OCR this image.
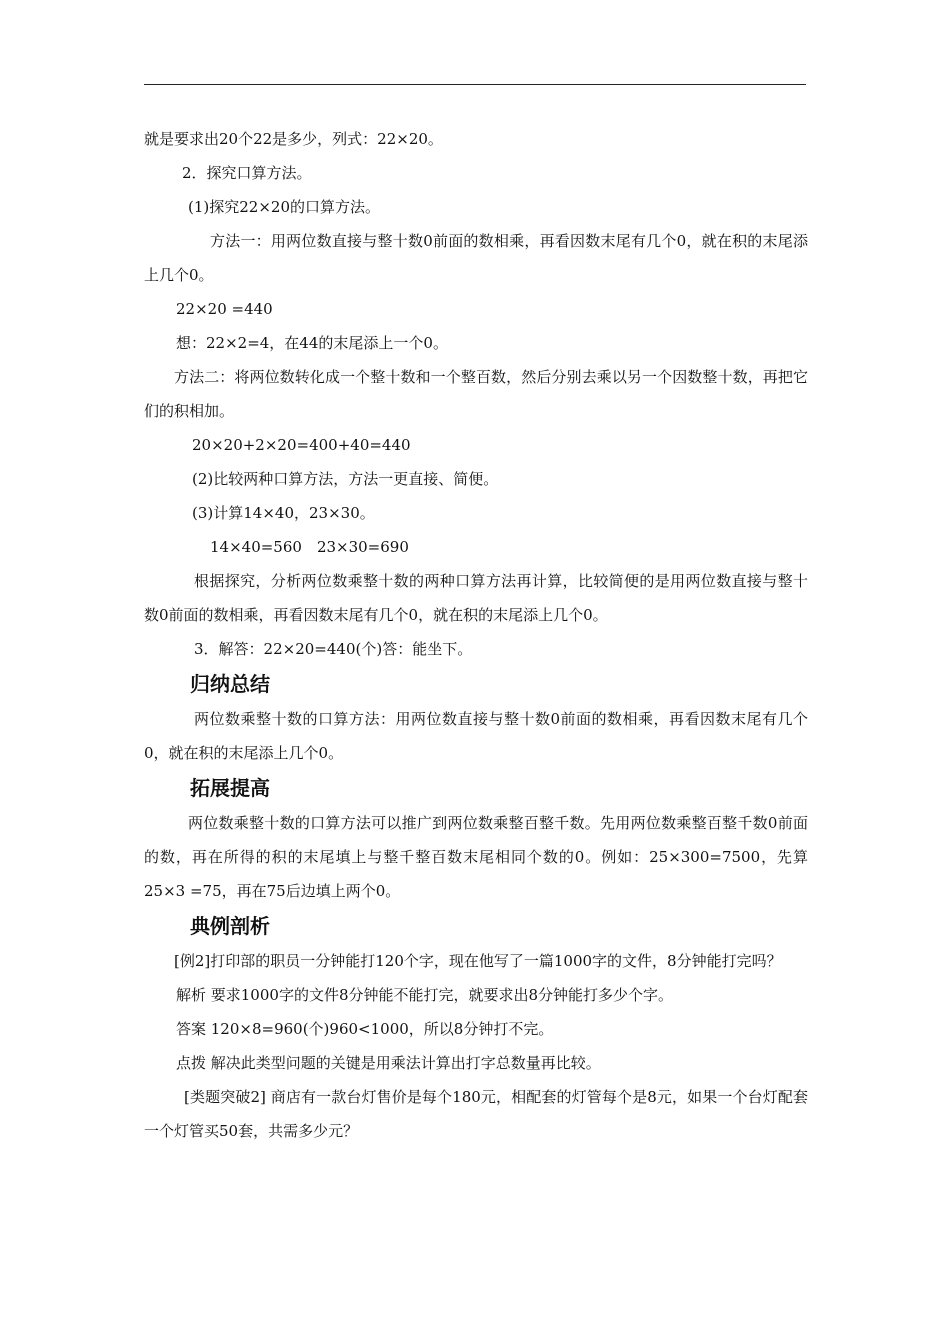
就是要求出20个22是多少，列式：22×20。

2．探究口算方法。

(1)探究22×20的口算方法。

方法一：用两位数直接与整十数0前面的数相乘，再看因数末尾有几个0，就在积的末尾添上几个0。

22×20 =440

想：22×2=4，在44的末尾添上一个0。

方法二：将两位数转化成一个整十数和一个整百数，然后分别去乘以另一个因数整十数，再把它们的积相加。

20×20+2×20=400+40=440

(2)比较两种口算方法，方法一更直接、简便。

(3)计算14×40，23×30。

14×40=560　23×30=690

根据探究，分析两位数乘整十数的两种口算方法再计算，比较简便的是用两位数直接与整十数0前面的数相乘，再看因数末尾有几个0，就在积的末尾添上几个0。

3．解答：22×20=440(个)答：能坐下。

归纳总结

两位数乘整十数的口算方法：用两位数直接与整十数0前面的数相乘，再看因数末尾有几个0，就在积的末尾添上几个0。

拓展提高

两位数乘整十数的口算方法可以推广到两位数乘整百整千数。先用两位数乘整百整千数0前面的数，再在所得的积的末尾填上与整千整百数末尾相同个数的0。例如：25×300=7500，先算25×3 =75，再在75后边填上两个0。

典例剖析

[例2]打印部的职员一分钟能打120个字，现在他写了一篇1000字的文件，8分钟能打完吗？

解析 要求1000字的文件8分钟能不能打完，就要求出8分钟能打多少个字。

答案 120×8=960(个)960<1000，所以8分钟打不完。

点拨 解决此类型问题的关键是用乘法计算出打字总数量再比较。

[类题突破2] 商店有一款台灯售价是每个180元，相配套的灯管每个是8元，如果一个台灯配套一个灯管买50套，共需多少元？
